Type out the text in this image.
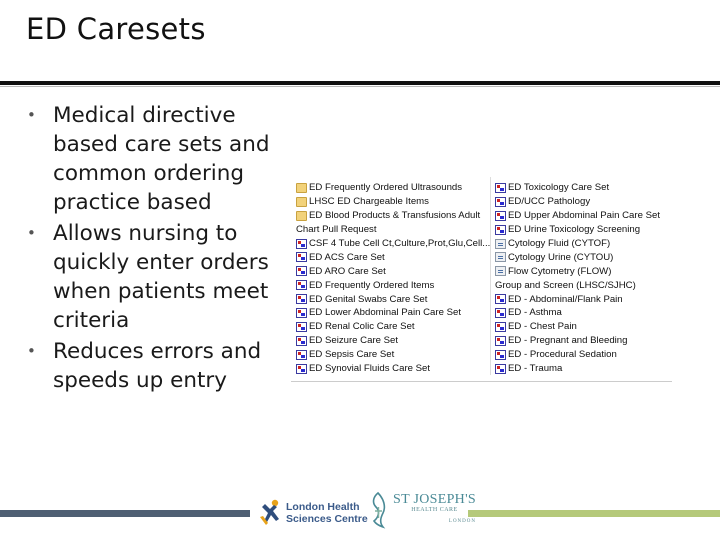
ED Caresets
• Medical directive based care sets and common ordering practice based
• Allows nursing to quickly enter orders when patients meet criteria
• Reduces errors and speeds up entry
ED Frequently Ordered Ultrasounds
LHSC ED Chargeable Items
ED Blood Products & Transfusions Adult
Chart Pull Request
CSF 4 Tube Cell Ct,Culture,Prot,Glu,Cell...
ED ACS Care Set
ED ARO Care Set
ED Frequently Ordered Items
ED Genital Swabs Care Set
ED Lower Abdominal Pain Care Set
ED Renal Colic Care Set
ED Seizure Care Set
ED Sepsis Care Set
ED Synovial Fluids Care Set
ED Toxicology Care Set
ED/UCC Pathology
ED Upper Abdominal Pain Care Set
ED Urine Toxicology Screening
Cytology Fluid (CYTOF)
Cytology Urine (CYTOU)
Flow Cytometry (FLOW)
Group and Screen (LHSC/SJHC)
ED - Abdominal/Flank Pain
ED - Asthma
ED - Chest Pain
ED - Pregnant and Bleeding
ED - Procedural Sedation
ED - Trauma
London Health
Sciences Centre
ST JOSEPH'S
HEALTH CARE
LONDON
